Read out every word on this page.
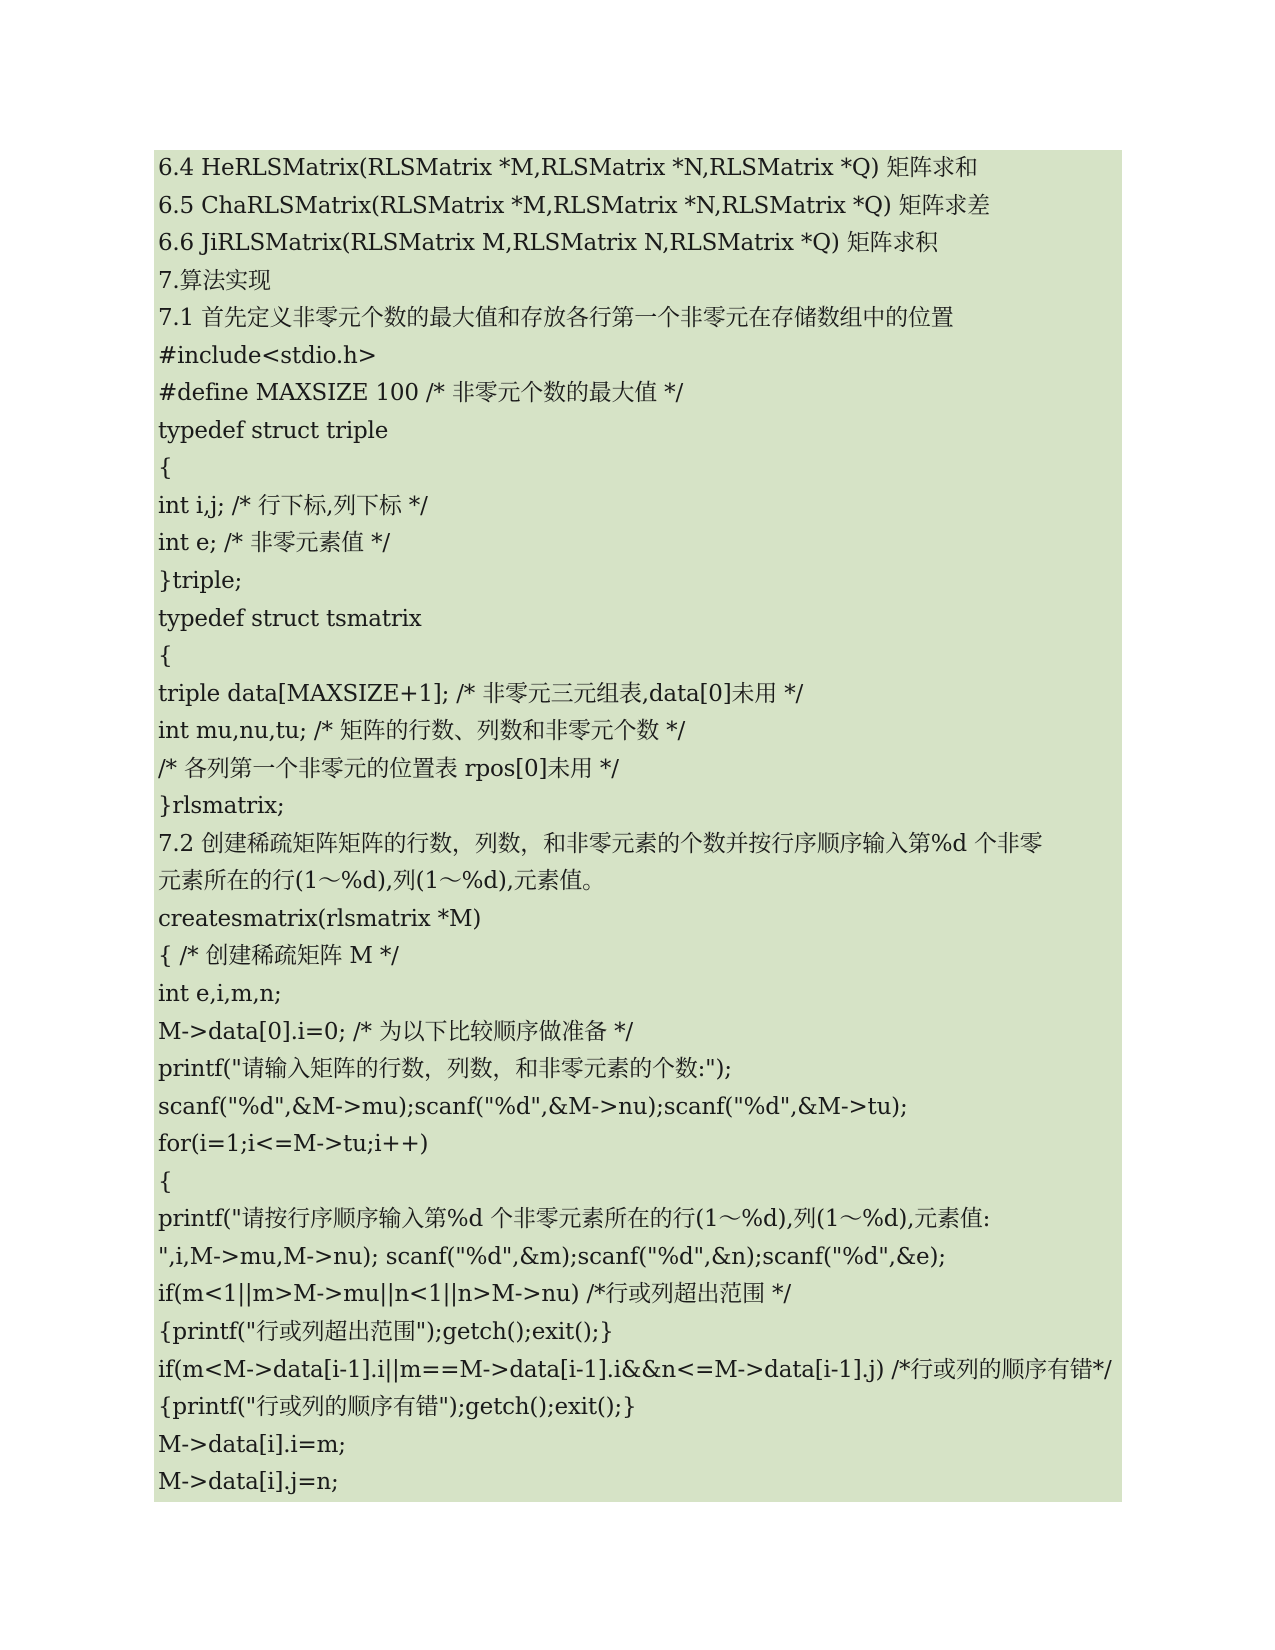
6.4 HeRLSMatrix(RLSMatrix *M,RLSMatrix *N,RLSMatrix *Q) 矩阵求和
6.5 ChaRLSMatrix(RLSMatrix *M,RLSMatrix *N,RLSMatrix *Q) 矩阵求差
6.6 JiRLSMatrix(RLSMatrix M,RLSMatrix N,RLSMatrix *Q) 矩阵求积
7.算法实现
7.1 首先定义非零元个数的最大值和存放各行第一个非零元在存储数组中的位置
#include<stdio.h>
#define MAXSIZE 100 /* 非零元个数的最大值 */
typedef struct triple
{
int i,j; /* 行下标,列下标 */
int e; /* 非零元素值 */
}triple;
typedef struct tsmatrix
{
triple data[MAXSIZE+1]; /* 非零元三元组表,data[0]未用 */
int mu,nu,tu; /* 矩阵的行数、列数和非零元个数 */
/* 各列第一个非零元的位置表 rpos[0]未用 */
}rlsmatrix;
7.2 创建稀疏矩阵矩阵的行数，列数，和非零元素的个数并按行序顺序输入第%d 个非零
元素所在的行(1～%d),列(1～%d),元素值。
createsmatrix(rlsmatrix *M)
{ /* 创建稀疏矩阵 M */
int e,i,m,n;
M->data[0].i=0; /* 为以下比较顺序做准备 */
printf("请输入矩阵的行数，列数，和非零元素的个数:");
scanf("%d",&M->mu);scanf("%d",&M->nu);scanf("%d",&M->tu);
for(i=1;i<=M->tu;i++)
{
printf("请按行序顺序输入第%d 个非零元素所在的行(1～%d),列(1～%d),元素值:
",i,M->mu,M->nu); scanf("%d",&m);scanf("%d",&n);scanf("%d",&e);
if(m<1||m>M->mu||n<1||n>M->nu) /*行或列超出范围 */
{printf("行或列超出范围");getch();exit();}
if(m<M->data[i-1].i||m==M->data[i-1].i&&n<=M->data[i-1].j) /*行或列的顺序有错*/
{printf("行或列的顺序有错");getch();exit();}
M->data[i].i=m;
M->data[i].j=n;
